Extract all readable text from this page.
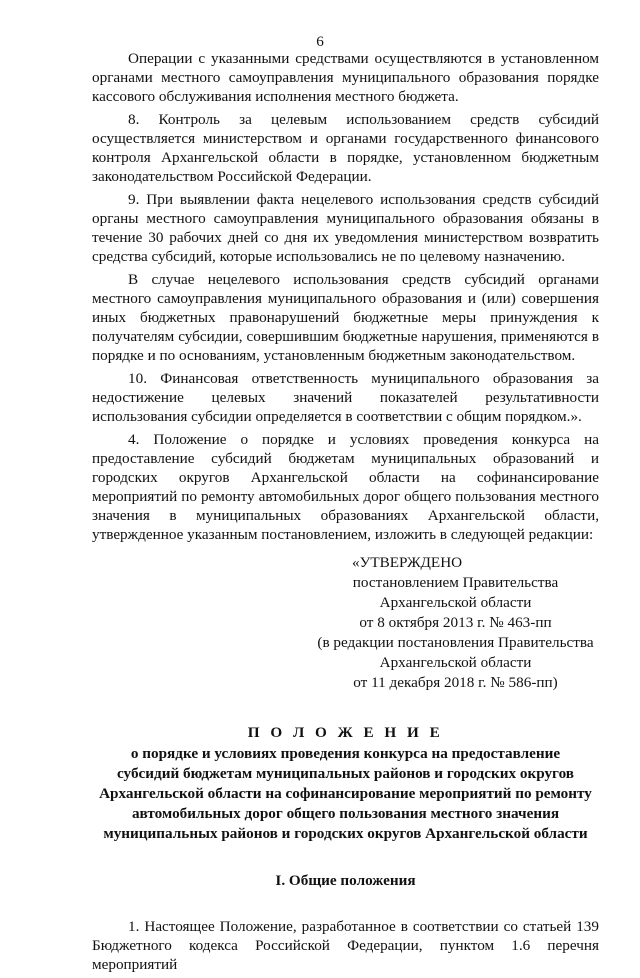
6

Операции с указанными средствами осуществляются в установленном органами местного самоуправления муниципального образования порядке кассового обслуживания исполнения местного бюджета.

8. Контроль за целевым использованием средств субсидий осуществляется министерством и органами государственного финансового контроля Архангельской области в порядке, установленном бюджетным законодательством Российской Федерации.

9. При выявлении факта нецелевого использования средств субсидий органы местного самоуправления муниципального образования обязаны в течение 30 рабочих дней со дня их уведомления министерством возвратить средства субсидий, которые использовались не по целевому назначению.

В случае нецелевого использования средств субсидий органами местного самоуправления муниципального образования и (или) совершения иных бюджетных правонарушений бюджетные меры принуждения к получателям субсидии, совершившим бюджетные нарушения, применяются в порядке и по основаниям, установленным бюджетным законодательством.

10. Финансовая ответственность муниципального образования за недостижение целевых значений показателей результативности использования субсидии определяется в соответствии с общим порядком.».

4. Положение о порядке и условиях проведения конкурса на предоставление субсидий бюджетам муниципальных образований и городских округов Архангельской области на софинансирование мероприятий по ремонту автомобильных дорог общего пользования местного значения в муниципальных образованиях Архангельской области, утвержденное указанным постановлением, изложить в следующей редакции:

«УТВЕРЖДЕНО
постановлением Правительства
Архангельской области
от 8 октября 2013 г. № 463-пп
(в редакции постановления Правительства
Архангельской области
от 11 декабря 2018 г. № 586-пп)
П О Л О Ж Е Н И Е
о порядке и условиях проведения конкурса на предоставление
субсидий бюджетам муниципальных районов и городских округов
Архангельской области на софинансирование мероприятий по ремонту
автомобильных дорог общего пользования местного значения
муниципальных районов и городских округов Архангельской области
I. Общие положения

1. Настоящее Положение, разработанное в соответствии со статьей 139 Бюджетного кодекса Российской Федерации, пунктом 1.6 перечня мероприятий
